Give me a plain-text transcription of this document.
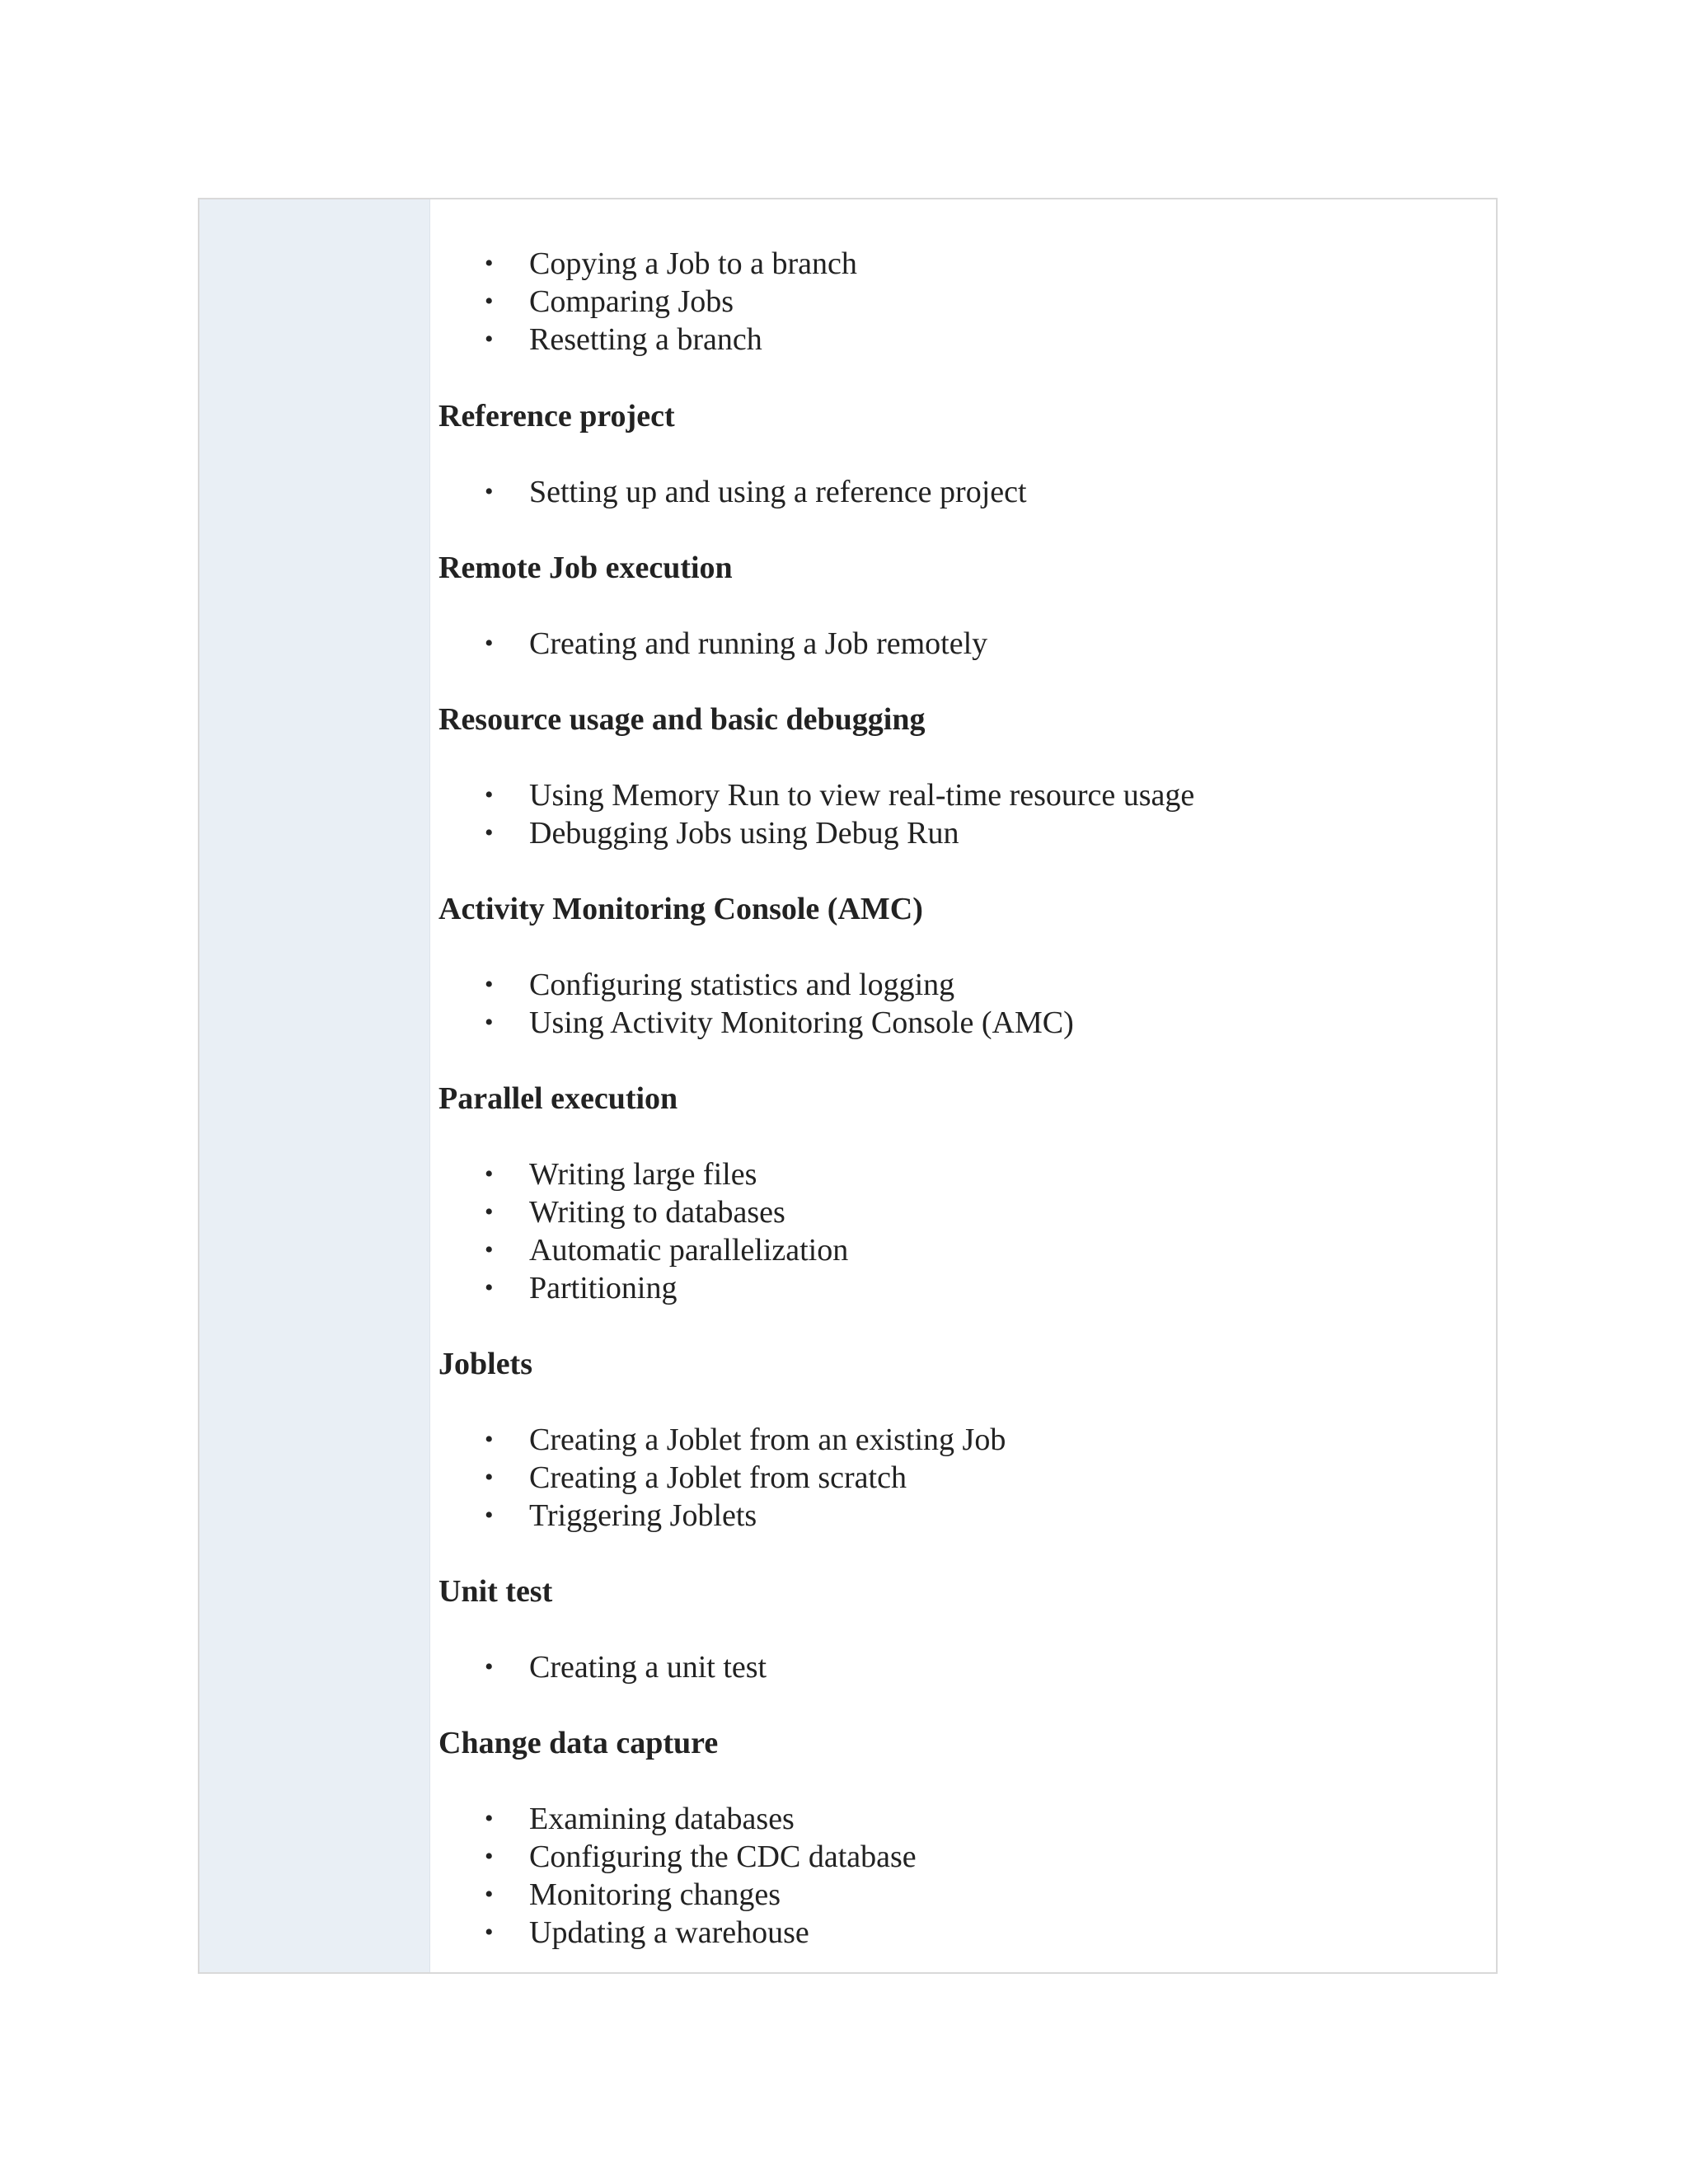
• Copying a Job to a branch
• Comparing Jobs
• Resetting a branch
Reference project
• Setting up and using a reference project
Remote Job execution
• Creating and running a Job remotely
Resource usage and basic debugging
• Using Memory Run to view real-time resource usage
• Debugging Jobs using Debug Run
Activity Monitoring Console (AMC)
• Configuring statistics and logging
• Using Activity Monitoring Console (AMC)
Parallel execution
• Writing large files
• Writing to databases
• Automatic parallelization
• Partitioning
Joblets
• Creating a Joblet from an existing Job
• Creating a Joblet from scratch
• Triggering Joblets
Unit test
• Creating a unit test
Change data capture
• Examining databases
• Configuring the CDC database
• Monitoring changes
• Updating a warehouse
